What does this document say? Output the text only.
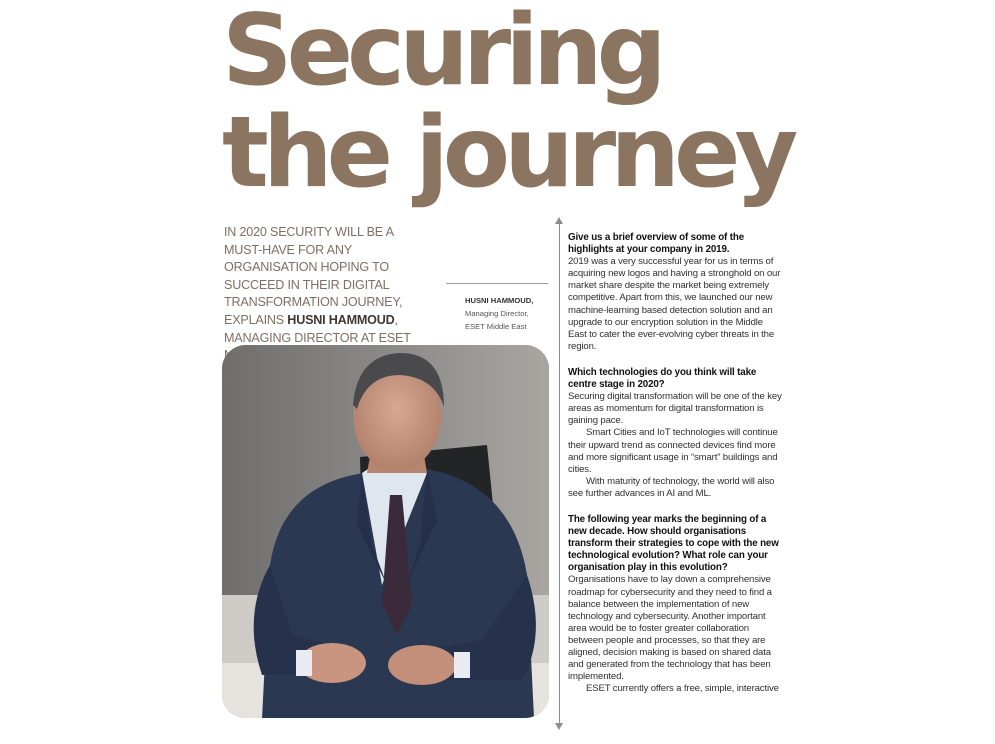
Securing
the journey

IN 2020 SECURITY WILL BE A MUST-HAVE FOR ANY ORGANISATION HOPING TO SUCCEED IN THEIR DIGITAL TRANSFORMATION JOURNEY, EXPLAINS HUSNI HAMMOUD, MANAGING DIRECTOR AT ESET

HUSNI HAMMOUD,
Managing Director,
ESET Middle East

Give us a brief overview of some of the highlights at your company in 2019.

2019 was a very successful year for us in terms of acquiring new logos and having a stronghold on our market share despite the market being extremely competitive. Apart from this, we launched our new machine-learning based detection solution and an upgrade to our encryption solution in the Middle East to cater the ever-evolving cyber threats in the region.

Which technologies do you think will take centre stage in 2020?

Securing digital transformation will be one of the key areas as momentum for digital transformation is gaining pace.

Smart Cities and IoT technologies will continue their upward trend as connected devices find more and more significant usage in “smart” buildings and cities.

With maturity of technology, the world will also see further advances in AI and ML.

The following year marks the beginning of a new decade. How should organisations transform their strategies to cope with the new technological evolution? What role can your organisation play in this evolution?

Organisations have to lay down a comprehensive roadmap for cybersecurity and they need to find a balance between the implementation of new technology and cybersecurity. Another important area would be to foster greater collaboration between people and processes, so that they are aligned, decision making is based on shared data and generated from the technology that has been implemented.

ESET currently offers a free, simple, interactive
